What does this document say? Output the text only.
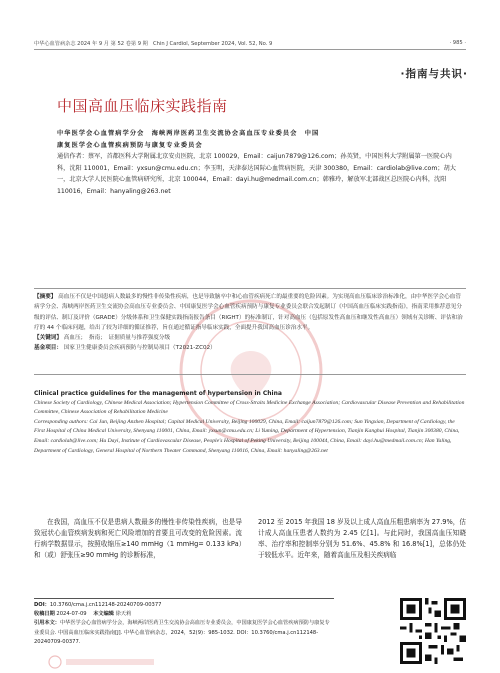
中华心血管病杂志 2024 年 9 月 第 52 卷第 9 期　Chin J Cardiol, September 2024, Vol. 52, No. 9	· 985 ·
·指南与共识·
中国高血压临床实践指南

中华医学会心血管病学分会　海峡两岸医药卫生交流协会高血压专业委员会　中国

康复医学会心血管疾病预防与康复专业委员会

通信作者：蔡军，首都医科大学附属北京安贞医院，北京 100029，Email：caijun7879@126.com；孙英贤，中国医科大学附属第一医院心内科，沈阳 110001，Email：yxsun@cmu.edu.cn；李玉明，天津泰达国际心血管病医院，天津 300380，Email：cardiolab@live.com；胡大一，北京大学人民医院心血管病研究所，北京 100044，Email：dayi.hu@medmail.com.cn；韩雅玲，解放军北部战区总医院心内科，沈阳 110016，Email：hanyaling@263.net

【摘要】 高血压不仅是中国患病人数最多的慢性非传染性疾病，也是导致脑卒中和心血管疾病死亡的最重要的危险因素。为实现高血压临床诊治标准化，由中华医学会心血管病学分会、海峡两岸医药卫生交流协会高血压专业委员会、中国康复医学会心血管疾病预防与康复专业委员会联合发起制订《中国高血压临床实践指南》，指南采用推荐意见分级的评估、制订及评价（GRADE）分级体系和卫生保健实践指南报告条目（RIGHT）的标准制订，针对高血压（包括原发性高血压和继发性高血压）领域有关诊断、评估和治疗的 44 个临床问题，给出了较为详细的循证推荐，旨在通过循证指导临床实践，全面提升我国高血压诊治水平。

【关键词】 高血压；　指南；　证据质量与推荐强度分级

基金项目： 国家卫生健康委员会疾病预防与控制局项目（T2021-ZC02）

Clinical practice guidelines for the management of hypertension in China

Chinese Society of Cardiology, Chinese Medical Association; Hypertension Committee of Cross-Straits Medicine Exchange Association; Cardiovascular Disease Prevention and Rehabilitation Committee, Chinese Association of Rehabilitation Medicine

Corresponding authors: Cai Jun, Beijing Anzhen Hospital; Capital Medical University, Beijing 100029, China, Email: caijun7879@126.com; Sun Yingxian, Department of Cardiology, the First Hospital of China Medical University, Shenyang 110001, China, Email: yxsun@cmu.edu.cn; Li Yuming, Department of Hypertension, Tianjin Kanghui Hospital, Tianjin 300380, China, Email: cardiolab@live.com; Hu Dayi, Institute of Cardiovascular Disease, People's Hospital of Peking University, Beijing 100044, China, Email: dayi.hu@medmail.com.cn; Han Yaling, Department of Cardiology, General Hospital of Northern Theater Command, Shenyang 110016, China, Email: hanyaling@263.net

在我国，高血压不仅是患病人数最多的慢性非传染性疾病，也是导致冠状心血管疾病发病和死亡风险增加的首要且可改变的危险因素。流行病学数据显示，按照收缩压≥140 mmHg（1 mmHg= 0.133 kPa）和（或）舒张压≥90 mmHg 的诊断标准，

2012 至 2015 年我国 18 岁及以上成人高血压粗患病率为 27.9%，估计成人高血压患者人数约为 2.45 亿[1]。与此同时，我国高血压知晓率、治疗率和控制率分别为 51.6%、45.8% 和 16.8%[1]，总体仍处于较低水平。近年来，随着高血压及相关疾病临

DOI：10.3760/cma.j.cn112148-20240709-00377

收稿日期 2024-07-09 本文编辑 徐天莉

引用本文：中华医学会心血管病学分会，海峡两岸医药卫生交流协会高血压专业委员会，中国康复医学会心血管疾病预防与康复专业委员会. 中国高血压临床实践指南[J]. 中华心血管病杂志，2024，52(9)：985-1032. DOI：10.3760/cma.j.cn112148-20240709-00377.
